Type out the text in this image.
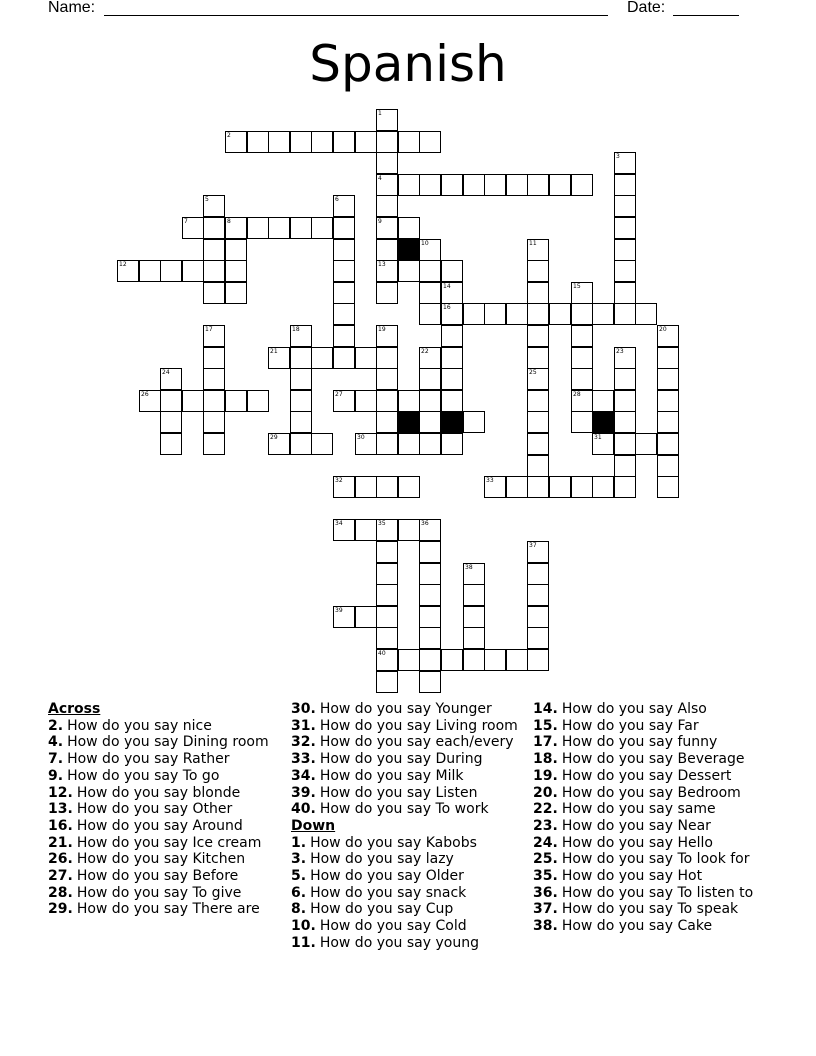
Name:	Date:
Spanish
1
2
3
4
5	6
7	8	9
10	11
12	13
14	15
16
17	18	19	20
21	22	23
24	25
26	27	28
29	30	31
32	33
34	35	36
37
38
39
40
Across
2. How do you say nice
4. How do you say Dining room
7. How do you say Rather
9. How do you say To go
12. How do you say blonde
13. How do you say Other
16. How do you say Around
21. How do you say Ice cream
26. How do you say Kitchen
27. How do you say Before
28. How do you say To give
29. How do you say There are
30. How do you say Younger
31. How do you say Living room
32. How do you say each/every
33. How do you say During
34. How do you say Milk
39. How do you say Listen
40. How do you say To work
Down
1. How do you say Kabobs
3. How do you say lazy
5. How do you say Older
6. How do you say snack
8. How do you say Cup
10. How do you say Cold
11. How do you say young
14. How do you say Also
15. How do you say Far
17. How do you say funny
18. How do you say Beverage
19. How do you say Dessert
20. How do you say Bedroom
22. How do you say same
23. How do you say Near
24. How do you say Hello
25. How do you say To look for
35. How do you say Hot
36. How do you say To listen to
37. How do you say To speak
38. How do you say Cake
